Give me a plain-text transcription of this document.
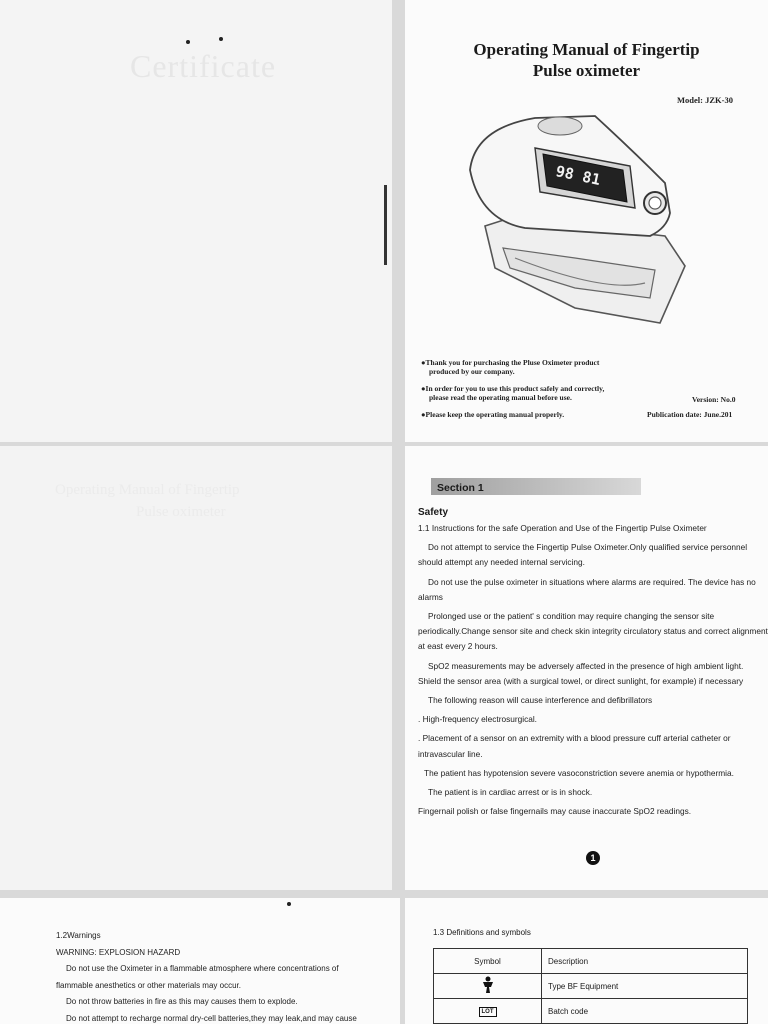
Certificate	Operating Manual of Fingertip
Pulse oximeter
Model: JZK-30
98 81
●Thank you for purchasing the Pluse Oximeter product
produced by our company.
●In order for you to use this product safely and correctly,
please read the operating manual before use.
●Please keep the operating manual properly.
Version: No.0
Publication date: June.201
Operating Manual of Fingertip
Pulse oximeter
Section 1
Safety

1.1 Instructions for the safe Operation and Use of the Fingertip Pulse Oximeter

Do not attempt to service the Fingertip Pulse Oximeter.Only qualified service personnel should attempt any needed internal servicing.

Do not use the pulse oximeter in situations where alarms are required. The device has no alarms

Prolonged use or the patient' s condition may require changing the sensor site periodically.Change sensor site and check skin integrity circulatory status and correct alignment at east every 2 hours.

SpO2 measurements may be adversely affected in the presence of high ambient light. Shield the sensor area (with a surgical towel, or direct sunlight, for example) if necessary

The following reason will cause interference and defibrillators

. High-frequency electrosurgical.

. Placement of a sensor on an extremity with a blood pressure cuff arterial catheter or intravascular line.

The patient has hypotension severe vasoconstriction severe anemia or hypothermia.

The patient is in cardiac arrest or is in shock.

Fingernail polish or false fingernails may cause inaccurate SpO2 readings.

1

1.2Warnings

WARNING: EXPLOSION HAZARD

Do not use the Oximeter in a flammable atmosphere where concentrations of flammable anesthetics or other materials may occur.

Do not throw batteries in fire as this may causes them to explode.

Do not attempt to recharge normal dry-cell batteries,they may leak,and may cause

1.3 Definitions and symbols
Symbol	Description
	Type BF Equipment
LOT	Batch code
